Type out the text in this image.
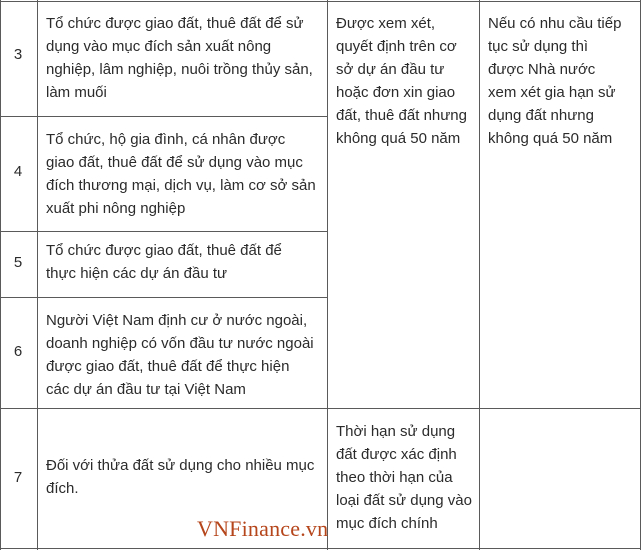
3
Tổ chức được giao đất, thuê đất để sử
dụng vào mục đích sản xuất nông
nghiệp, lâm nghiệp, nuôi trồng thủy sản,
làm muối
4
Tổ chức, hộ gia đình, cá nhân được
giao đất, thuê đất để sử dụng vào mục
đích thương mại, dịch vụ, làm cơ sở sản
xuất phi nông nghiệp
5
Tổ chức được giao đất, thuê đất để
thực hiện các dự án đầu tư
6
Người Việt Nam định cư ở nước ngoài,
doanh nghiệp có vốn đầu tư nước ngoài
được giao đất, thuê đất để thực hiện
các dự án đầu tư tại Việt Nam
7
Đối với thửa đất sử dụng cho nhiều mục
đích.
Được xem xét,
quyết định trên cơ
sở dự án đầu tư
hoặc đơn xin giao
đất, thuê đất nhưng
không quá 50 năm
Nếu có nhu cầu tiếp
tục sử dụng thì
được Nhà nước
xem xét gia hạn sử
dụng đất nhưng
không quá 50 năm
Thời hạn sử dụng
đất được xác định
theo thời hạn của
loại đất sử dụng vào
mục đích chính
VNFinance.vn
